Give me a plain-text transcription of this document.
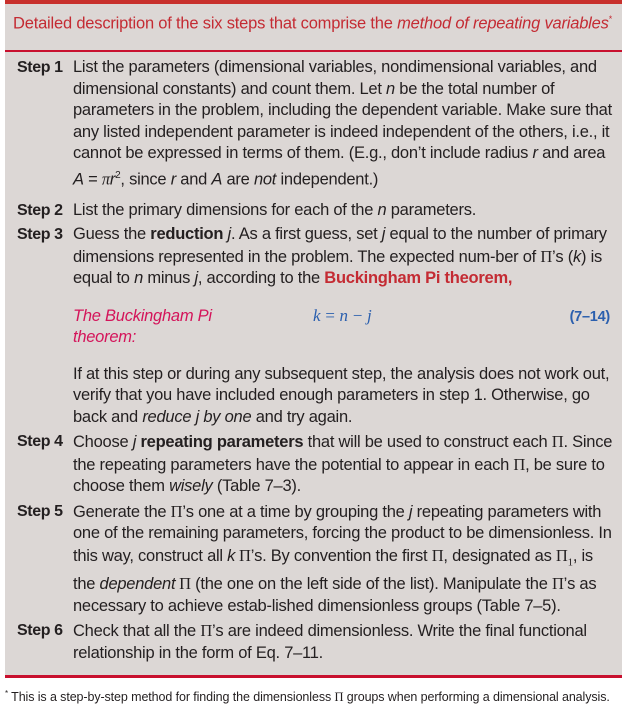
Detailed description of the six steps that comprise the method of repeating variables*
Step 1 List the parameters (dimensional variables, nondimensional variables, and dimensional constants) and count them. Let n be the total number of parameters in the problem, including the dependent variable. Make sure that any listed independent parameter is indeed independent of the others, i.e., it cannot be expressed in terms of them. (E.g., don’t include radius r and area $A = \pi r^2$, since r and A are not independent.)
Step 2 List the primary dimensions for each of the n parameters.
Step 3 Guess the reduction j. As a first guess, set j equal to the number of primary dimensions represented in the problem. The expected num-ber of Π’s (k) is equal to n minus j, according to the Buckingham Pi theorem,
The Buckingham Pi theorem:
k = n − j	(7–14)
If at this step or during any subsequent step, the analysis does not work out, verify that you have included enough parameters in step 1. Otherwise, go back and reduce j by one and try again.
Step 4 Choose j repeating parameters that will be used to construct each Π. Since the repeating parameters have the potential to appear in each Π, be sure to choose them wisely (Table 7–3).
Step 5 Generate the Π’s one at a time by grouping the j repeating parameters with one of the remaining parameters, forcing the product to be dimensionless. In this way, construct all k Π’s. By convention the first Π, designated as $\Pi_1$, is the dependent Π (the one on the left side of the list). Manipulate the Π’s as necessary to achieve estab-lished dimensionless groups (Table 7–5).
Step 6 Check that all the Π’s are indeed dimensionless. Write the final functional relationship in the form of Eq. 7–11.
* This is a step-by-step method for finding the dimensionless Π groups when performing a dimensional analysis.
